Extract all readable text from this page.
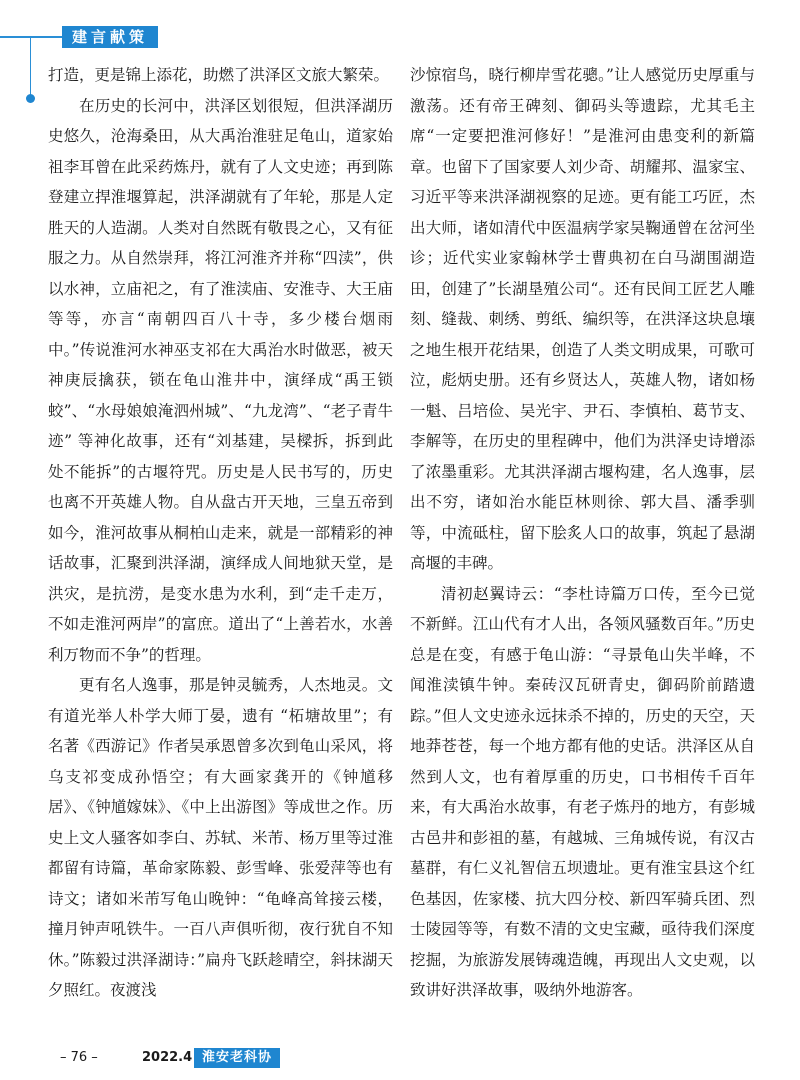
建言献策

打造，更是锦上添花，助燃了洪泽区文旅大繁荣。

在历史的长河中，洪泽区划很短，但洪泽湖历史悠久，沧海桑田，从大禹治淮驻足龟山，道家始祖李耳曾在此采药炼丹，就有了人文史迹；再到陈登建立捍淮堰算起，洪泽湖就有了年轮，那是人定胜天的人造湖。人类对自然既有敬畏之心，又有征服之力。从自然崇拜，将江河淮齐并称“四渎”，供以水神，立庙祀之，有了淮渎庙、安淮寺、大王庙等等，亦言“南朝四百八十寺，多少楼台烟雨中。”传说淮河水神巫支祁在大禹治水时做恶，被天神庚辰擒获，锁在龟山淮井中，演绎成“禹王锁蛟”、“水母娘娘淹泗州城”、“九龙湾”、“老子青牛迹” 等神化故事，还有“刘基建，吴樑拆，拆到此处不能拆”的古堰符咒。历史是人民书写的，历史也离不开英雄人物。自从盘古开天地，三皇五帝到如今，淮河故事从桐柏山走来，就是一部精彩的神话故事，汇聚到洪泽湖，演绎成人间地狱天堂，是洪灾，是抗涝，是变水患为水利，到“走千走万，不如走淮河两岸”的富庶。道出了“上善若水，水善利万物而不争”的哲理。

更有名人逸事，那是钟灵毓秀，人杰地灵。文有道光举人朴学大师丁晏，遗有 “柘塘故里”；有名著《西游记》作者吴承恩曾多次到龟山采风，将乌支祁变成孙悟空；有大画家龚开的《钟馗移居》、《钟馗嫁妹》、《中上出游图》等成世之作。历史上文人骚客如李白、苏轼、米芾、杨万里等过淮都留有诗篇，革命家陈毅、彭雪峰、张爱萍等也有诗文；诸如米芾写龟山晚钟：“龟峰高耸接云楼，撞月钟声吼铁牛。一百八声俱听彻，夜行犹自不知休。”陈毅过洪泽湖诗：”扁舟飞跃趁晴空，斜抹湖天夕照红。夜渡浅

沙惊宿鸟，晓行柳岸雪花骢。”让人感觉历史厚重与激荡。还有帝王碑刻、御码头等遗踪，尤其毛主席“一定要把淮河修好！”是淮河由患变利的新篇章。也留下了国家要人刘少奇、胡耀邦、温家宝、习近平等来洪泽湖视察的足迹。更有能工巧匠，杰出大师，诸如清代中医温病学家吴鞠通曾在岔河坐诊；近代实业家翰林学士曹典初在白马湖围湖造田，创建了”长湖垦殖公司“。还有民间工匠艺人雕刻、缝裁、刺绣、剪纸、编织等，在洪泽这块息壤之地生根开花结果，创造了人类文明成果，可歌可泣，彪炳史册。还有乡贤达人，英雄人物，诸如杨一魁、吕培俭、吴光宇、尹石、李慎柏、葛节支、李解等，在历史的里程碑中，他们为洪泽史诗增添了浓墨重彩。尤其洪泽湖古堰构建，名人逸事，层出不穷，诸如治水能臣林则徐、郭大昌、潘季驯等，中流砥柱，留下脍炙人口的故事，筑起了悬湖高堰的丰碑。

清初赵翼诗云：“李杜诗篇万口传，至今已觉不新鲜。江山代有才人出，各领风骚数百年。”历史总是在变，有感于龟山游：“寻景龟山失半峰，不闻淮渎镇牛钟。秦砖汉瓦研青史，御码阶前踏遗踪。”但人文史迹永远抹杀不掉的，历史的天空，天地莽苍苍，每一个地方都有他的史话。洪泽区从自然到人文，也有着厚重的历史，口书相传千百年来，有大禹治水故事，有老子炼丹的地方，有彭城古邑井和彭祖的墓，有越城、三角城传说，有汉古墓群，有仁义礼智信五坝遗址。更有淮宝县这个红色基因，佐家楼、抗大四分校、新四军骑兵团、烈士陵园等等，有数不清的文史宝藏，亟待我们深度挖掘，为旅游发展铸魂造魄，再现出人文史观，以致讲好洪泽故事，吸纳外地游客。

– 76 –	2022.4 淮安老科协
